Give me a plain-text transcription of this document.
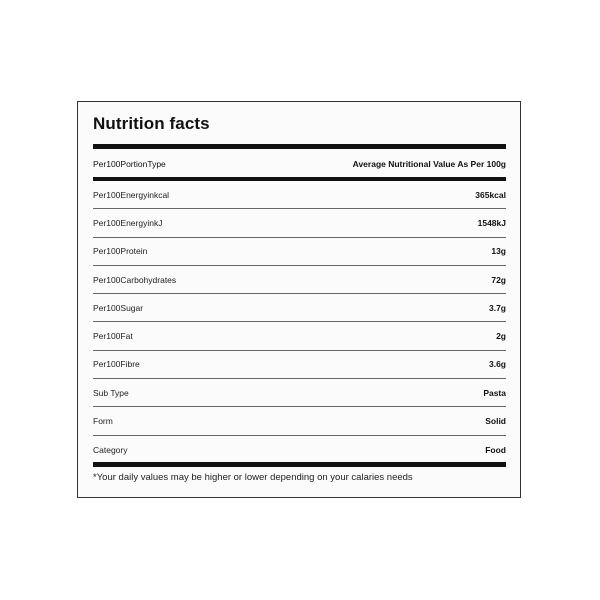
Nutrition facts
Per100PortionType	Average Nutritional Value As Per 100g
Per100Energyinkcal	365kcal
Per100EnergyinkJ	1548kJ
Per100Protein	13g
Per100Carbohydrates	72g
Per100Sugar	3.7g
Per100Fat	2g
Per100Fibre	3.6g
Sub Type	Pasta
Form	Solid
Category	Food
*Your daily values may be higher or lower depending on your calaries needs
